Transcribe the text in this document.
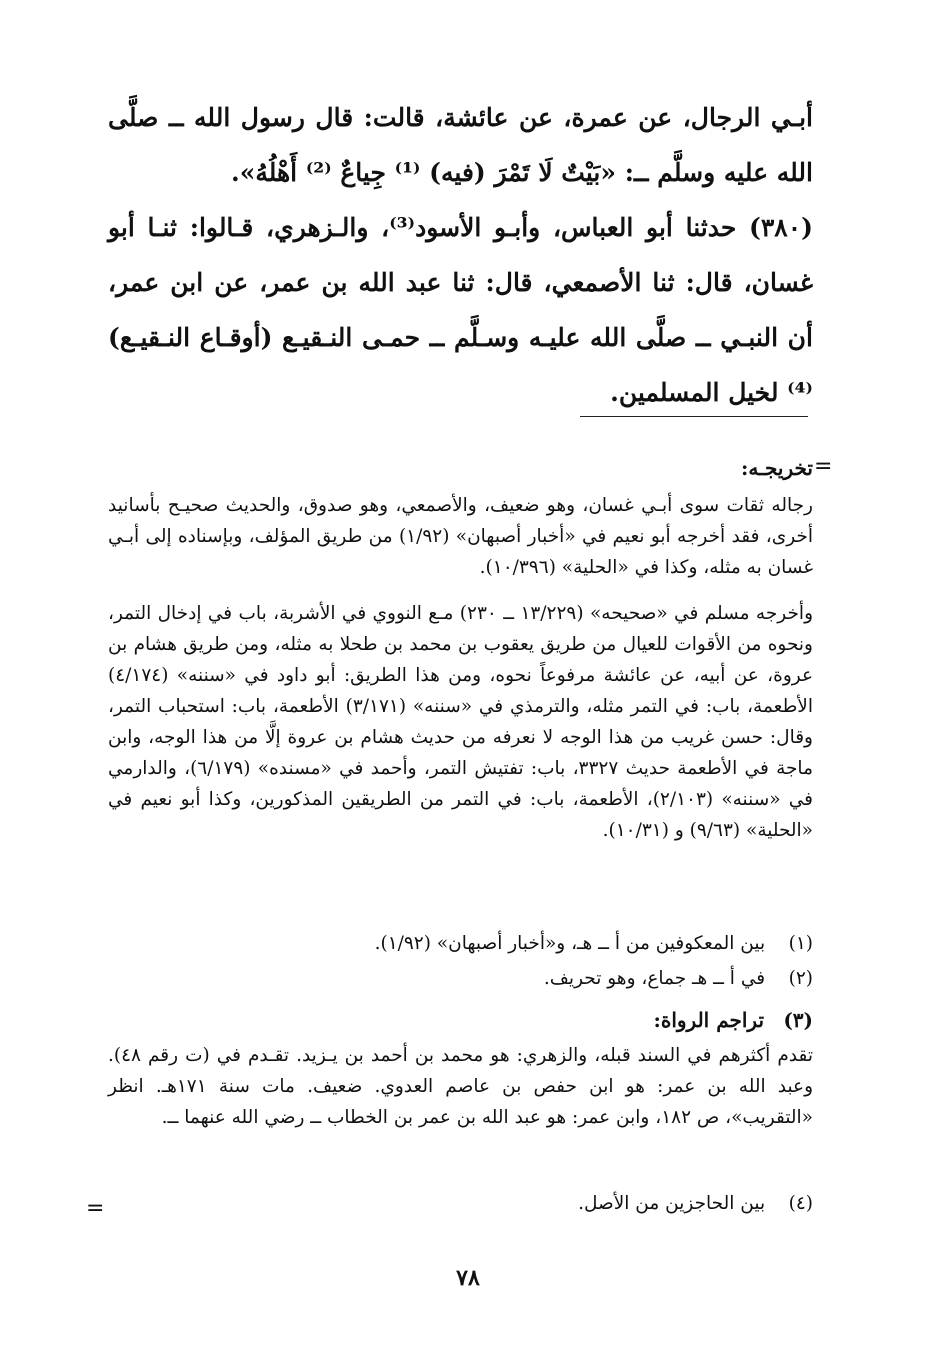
أبـي الرجال، عن عمرة، عن عائشة، قالت: قال رسول الله ــ صلَّى الله عليه وسلَّم ــ: «بَيْتٌ لَا تَمْرَ (فيه) ⁽¹⁾ جِياعٌ ⁽²⁾ أَهْلُهُ».

(٣٨٠) حدثنا أبو العباس، وأبـو الأسود⁽³⁾، والـزهري، قـالوا: ثنـا أبو غسان، قال: ثنا الأصمعي، قال: ثنا عبد الله بن عمر، عن ابن عمر، أن النبـي ــ صلَّى الله عليـه وسـلَّم ــ حمـى النـقيـع (أوقـاع النـقيـع) ⁽⁴⁾ لخيل المسلمين.

=
تخريجـه:

رجاله ثقات سوى أبـي غسان، وهو ضعيف، والأصمعي، وهو صدوق، والحديث صحيـح بأسانيد أخرى، فقد أخرجه أبو نعيم في «أخبار أصبهان» (١/٩٢) من طريق المؤلف، وبإسناده إلى أبـي غسان به مثله، وكذا في «الحلية» (١٠/٣٩٦).

وأخرجه مسلم في «صحيحه» (١٣/٢٢٩ ــ ٢٣٠) مـع النووي في الأشربة، باب في إدخال التمر، ونحوه من الأقوات للعيال من طريق يعقوب بن محمد بن طحلا به مثله، ومن طريق هشام بن عروة، عن أبيه، عن عائشة مرفوعاً نحوه، ومن هذا الطريق: أبو داود في «سننه» (٤/١٧٤) الأطعمة، باب: في التمر مثله، والترمذي في «سننه» (٣/١٧١) الأطعمة، باب: استحباب التمر، وقال: حسن غريب من هذا الوجه لا نعرفه من حديث هشام بن عروة إلَّا من هذا الوجه، وابن ماجة في الأطعمة حديث ٣٣٢٧، باب: تفتيش التمر، وأحمد في «مسنده» (٦/١٧٩)، والدارمي في «سننه» (٢/١٠٣)، الأطعمة، باب: في التمر من الطريقين المذكورين، وكذا أبو نعيم في «الحلية» (٩/٦٣) و (١٠/٣١).

(١) بين المعكوفين من أ ــ هـ، و«أخبار أصبهان» (١/٩٢).
(٢) في أ ــ هـ جماع، وهو تحريف.
(٣) تراجم الرواة:

تقدم أكثرهم في السند قبله، والزهري: هو محمد بن أحمد بن يـزيد. تقـدم في (ت رقم ٤٨). وعبد الله بن عمر: هو ابن حفص بن عاصم العدوي. ضعيف. مات سنة ١٧١هـ. انظر «التقريب»، ص ١٨٢، وابن عمر: هو عبد الله بن عمر بن الخطاب ــ رضي الله عنهما ــ.

(٤) بين الحاجزين من الأصل.
=
٧٨
